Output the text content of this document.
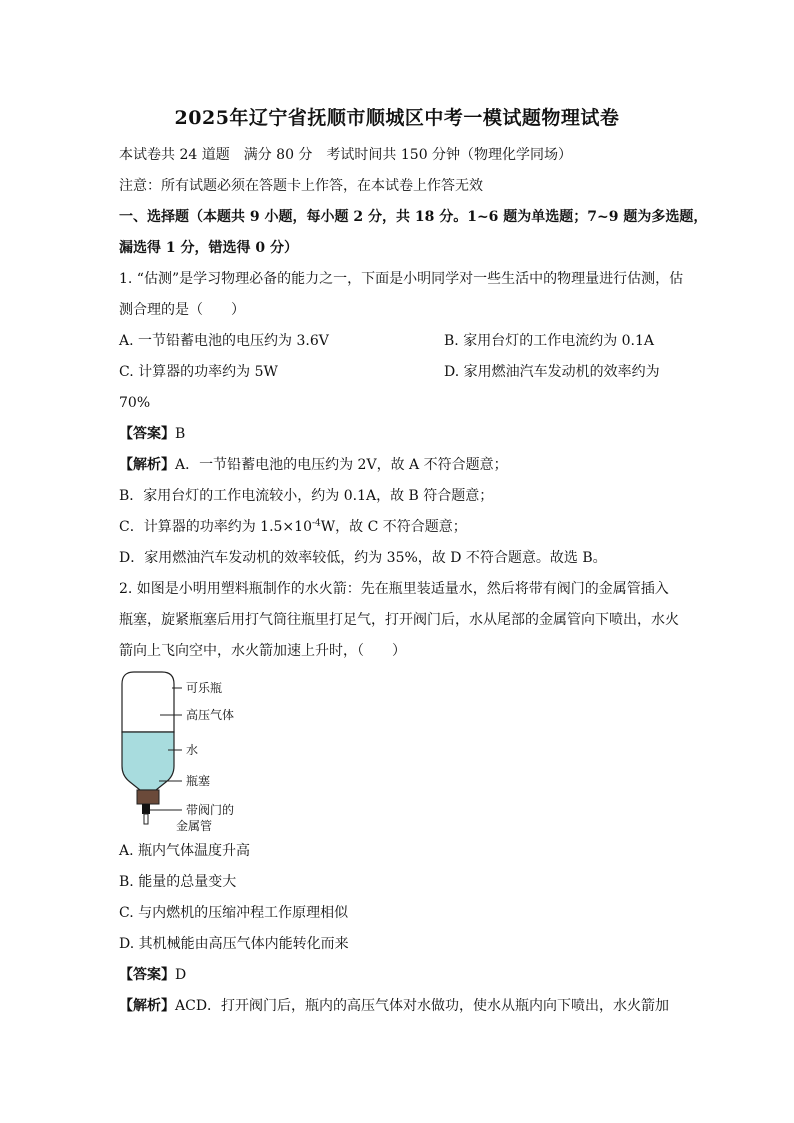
2025年辽宁省抚顺市顺城区中考一模试题物理试卷
本试卷共 24 道题　满分 80 分　考试时间共 150 分钟（物理化学同场）
注意：所有试题必须在答题卡上作答，在本试卷上作答无效
一、选择题（本题共 9 小题，每小题 2 分，共 18 分。1~6 题为单选题；7~9 题为多选题，
漏选得 1 分，错选得 0 分）
1. “估测”是学习物理必备的能力之一，下面是小明同学对一些生活中的物理量进行估测，估
测合理的是（　　）
A. 一节铅蓄电池的电压约为 3.6V	B. 家用台灯的工作电流约为 0.1A
C. 计算器的功率约为 5W	D. 家用燃油汽车发动机的效率约为
70%
【答案】B
【解析】A．一节铅蓄电池的电压约为 2V，故 A 不符合题意；
B．家用台灯的工作电流较小，约为 0.1A，故 B 符合题意；
C．计算器的功率约为 $1.5\times 10^{-4}W$，故 C 不符合题意；
D．家用燃油汽车发动机的效率较低，约为 35%，故 D 不符合题意。故选 B。
2. 如图是小明用塑料瓶制作的水火箭：先在瓶里装适量水，然后将带有阀门的金属管插入
瓶塞，旋紧瓶塞后用打气筒往瓶里打足气，打开阀门后，水从尾部的金属管向下喷出，水火
箭向上飞向空中，水火箭加速上升时，（　　）
可乐瓶
高压气体
水
瓶塞
带阀门的
金属管
A. 瓶内气体温度升高
B. 能量的总量变大
C. 与内燃机的压缩冲程工作原理相似
D. 其机械能由高压气体内能转化而来
【答案】D
【解析】ACD．打开阀门后，瓶内的高压气体对水做功，使水从瓶内向下喷出，水火箭加
